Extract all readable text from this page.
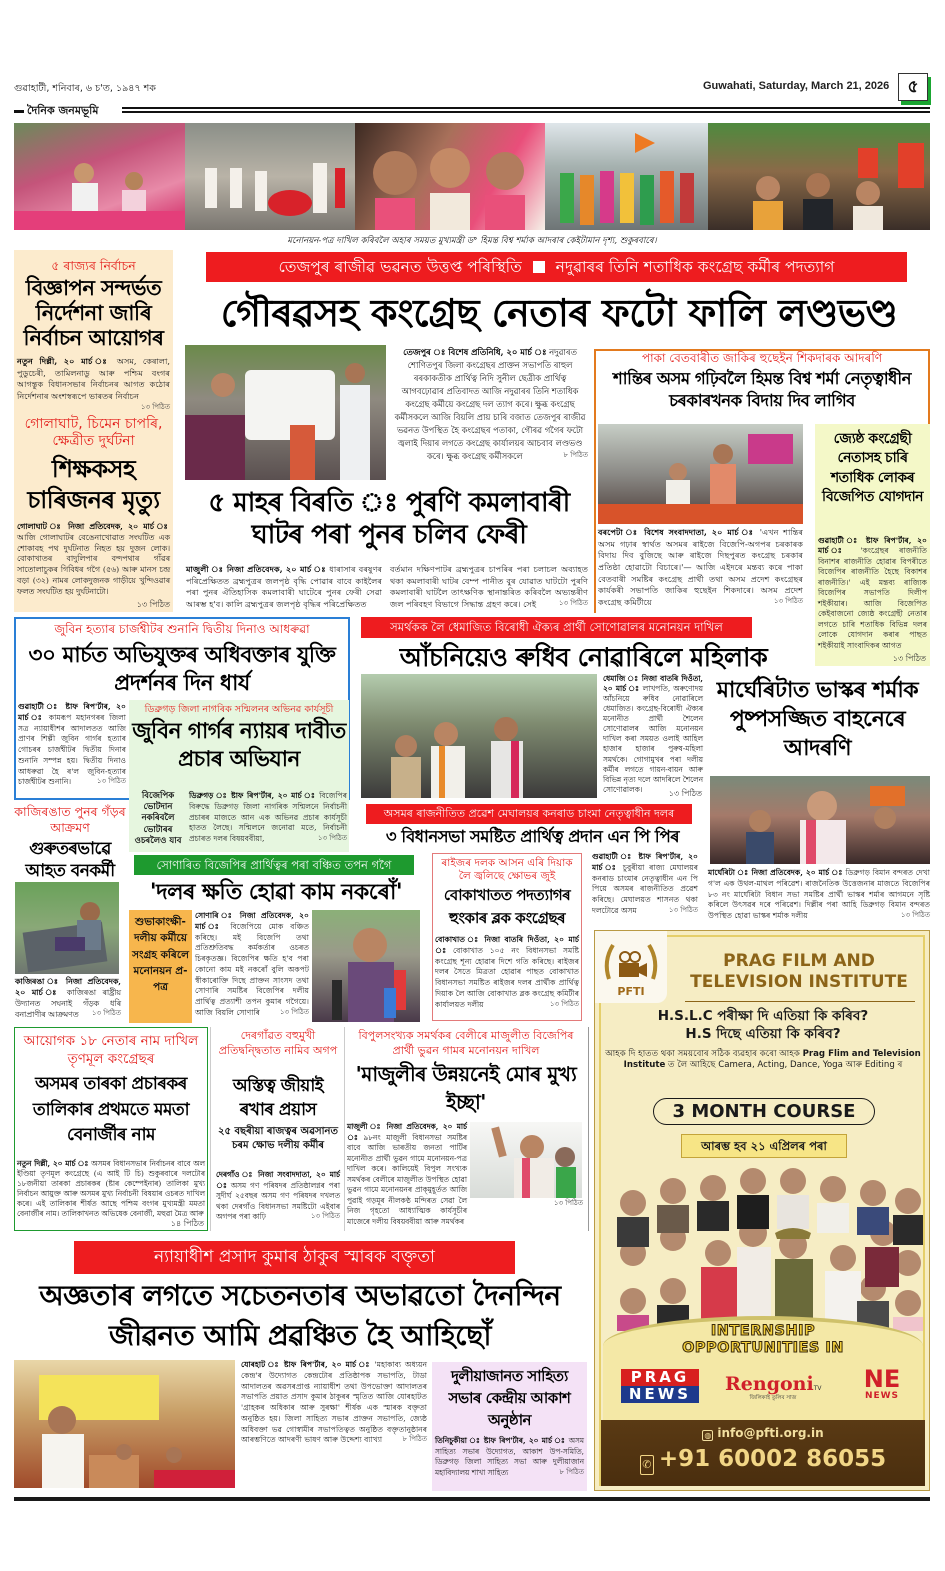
গুৱাহাটী, শনিবাৰ, ৬ চ'ত, ১৯৪৭ শক	Guwahati, Saturday, March 21, 2026	৫
দৈনিক জনমভূমি
মনোনয়ন-পত্ৰ দাখিল কৰিবলৈ অহাৰ সময়ত মুখ্যমন্ত্ৰী ড° হিমন্ত বিশ্ব শৰ্মাক আদৰাৰ কেইটামান দৃশ্য, শুকুৰবাৰে।
৫ ৰাজ্যৰ নিৰ্বাচন
বিজ্ঞাপন সন্দৰ্ভত নিৰ্দেশনা জাৰি নিৰ্বাচন আয়োগৰ
নতুন দিল্লী, ২০ মাৰ্চ ঃ অসম, কেৰালা, পুডুচেৰী, তামিলনাডু আৰু পশ্চিম বংগৰ আগন্তুক বিধানসভাৰ নিৰ্বাচনৰ আগত কঠোৰ নিৰ্দেশনাৰ অংশস্বৰূপে ভাৰতৰ নিৰ্বাচন
১৩ পিঠিত
গোলাঘাট, চিমেন চাপৰি, ক্ষেত্ৰীত দুৰ্ঘটনা
শিক্ষকসহ চাৰিজনৰ মৃত্যু
গোলাঘাট ঃ নিজা প্ৰতিবেদক, ২০ মাৰ্চ ঃ আজি গোলাঘাটৰ বেঙেনাখোৱাত সংঘটিত এক শোকাবহ পথ দুৰ্ঘটনাত নিহত হয় দুজন লোক। বোকাখাতৰ বাদুলিপাৰ বন্দপথাৰ গাঁৱৰ সাতোলাচুকৰ গিবিধৰ গগৈ (৫৬) আৰু মানস চন্দ্ৰ বড়া (৩২) নামৰ লোকদুজনক গাড়ীয়ে খুন্দিওৱাৰ ফলত সংঘটিত হয় দুৰ্ঘটনাটো।
১৩ পিঠিত
তেজপুৰ ৰাজীৱ ভৱনত উত্তপ্ত পৰিস্থিতি নদুৱাৰৰ তিনি শতাধিক কংগ্ৰেছ কৰ্মীৰ পদত্যাগ
গৌৰৱসহ কংগ্ৰেছ নেতাৰ ফটো ফালি লণ্ডভণ্ড
তেজপুৰ ঃ বিশেষ প্ৰতিনিধি, ২০ মাৰ্চ ঃ নদুৱাৰত শোণিতপুৰ জিলা কংগ্ৰেছৰ প্ৰাক্তন সভাপতি ৰাহুল ৰৰকাকতীক প্ৰাৰ্থিত্ব নিদি সুনীল ছেত্ৰীক প্ৰাৰ্থিত্ব আগবঢ়োৱাৰ প্ৰতিবাদত আজি নদুৱাৰৰ তিনি শতাধিক কংগ্ৰেছ কৰ্মীয়ে কংগ্ৰেছ দল ত্যাগ কৰে। ক্ষুব্ধ কংগ্ৰেছ কৰ্মীসকলে আজি বিয়লি প্ৰায় চাৰি বজাত তেজপুৰ ৰাজীৱ ভৱনত উপস্থিত হৈ কংগ্ৰেছৰ পতাকা, গৌৰৱ গগৈৰ ফটো জ্বলাই দিয়াৰ লগতে কংগ্ৰেছ কাৰ্যালয়ৰ আচবাব লণ্ডভণ্ড কৰে। ক্ষুব্ধ কংগ্ৰেছ কৰ্মীসকলে	৮ পিঠিত
৫ মাহৰ বিৰতি ঃ পুৰণি কমলাবাৰী ঘাটৰ পৰা পুনৰ চলিব ফেৰী
মাজুলী ঃ নিজা প্ৰতিবেদক, ২০ মাৰ্চ ঃ ধাৰাসাৰ বৰষুণৰ পৰিপ্ৰেক্ষিতত ব্ৰহ্মপুত্ৰৰ জলপৃষ্ঠ বৃদ্ধি পোৱাৰ বাবে কাইলৈৰ পৰা পুনৰ ঐতিহাসিক কমলাবাৰী ঘাটেৰে পুনৰ ফেৰী সেৱা আৰম্ভ হ'ব। কালি ব্ৰহ্মপুত্ৰৰ জলপৃষ্ঠ বৃদ্ধিৰ পৰিপ্ৰেক্ষিতত
বৰ্তমান দক্ষিণপাটৰ ব্ৰহ্মপুত্ৰৰ চাপৰিৰ পৰা চলাচল অব্যাহত থকা কমলাবাৰী ঘাটৰ বেম্প পানীত বুৰ যোৱাত ঘাটটো পুৰণি কমলাবাৰী ঘাটলৈ তাৎক্ষণিক স্থানান্তৰিত কৰিবলৈ অভ্যন্তৰীণ জল পৰিবহণ বিভাগে সিদ্ধান্ত গ্ৰহণ কৰে। সেই	১৩ পিঠিত
পাকা বেতবাৰীত জাকিৰ হুছেইন শিকদাৰক আদৰণি
শান্তিৰ অসম গঢ়িবলৈ হিমন্ত বিশ্ব শৰ্মা নেতৃত্বাধীন চৰকাৰখনক বিদায় দিব লাগিব
বৰপেটা ঃ বিশেষ সংবাদদাতা, ২০ মাৰ্চ ঃ 'এখন শান্তিৰ অসম গঢ়াৰ স্বাৰ্থত অসমৰ ৰাইজে বিজেপি-অগপৰ চৰকাৰক বিদায় দিব বুজিছে আৰু ৰাইজে দিছপুৰত কংগ্ৰেছ চৰকাৰ প্ৰতিষ্ঠা হোৱাটো বিচাৰে।'— আজি এইদৰে মন্তব্য কৰে পাকা বেতবাৰী সমষ্টিৰ কংগ্ৰেছ প্ৰাৰ্থী তথা অসম প্ৰদেশ কংগ্ৰেছৰ কাৰ্যকৰী সভাপতি জাকিৰ হুছেইন শিকদাৰে। অসম প্ৰদেশ কংগ্ৰেছ কমিটীয়ে	১৩ পিঠিত
জ্যেষ্ঠ কংগ্ৰেছী নেতাসহ চাৰি শতাধিক লোকৰ বিজেপিত যোগদান
গুৱাহাটী ঃ ষ্টাফ ৰিপ'ৰ্টাৰ, ২০ মাৰ্চ ঃ 'কংগ্ৰেছৰ ৰাজনীতি বিনাশৰ ৰাজনীতি হোৱাৰ বিপৰীতে বিজেপিৰ ৰাজনীতি হৈছে বিকাশৰ ৰাজনীতি।' এই মন্তব্য ৰাজ্যিক বিজেপিৰ সভাপতি দিলীপ শইকীয়াৰ। আজি বিজেপিত কেইবাজনো জ্যেষ্ঠ কংগ্ৰেছী নেতাৰ লগতে চাৰি শতাধিক বিভিন্ন দলৰ লোকে যোগদান কৰাৰ পাছত শইকীয়াই সাংবাদিকৰ আগত
১৩ পিঠিত
জুবিন হত্যাৰ চাৰ্জশ্বীটৰ শুনানি দ্বিতীয় দিনাও আধৰুৱা
৩০ মাৰ্চত অভিযুক্তৰ অধিবক্তাৰ যুক্তি প্ৰদৰ্শনৰ দিন ধাৰ্য
গুৱাহাটী ঃ ষ্টাফ ৰিপ'ৰ্টাৰ, ২০ মাৰ্চ ঃ কামৰূপ মহানগৰৰ জিলা সত্ৰ ন্যায়াধীশৰ আদালতত আজি প্ৰাণৰ শিল্পী জুবিন গাৰ্গৰ হত্যাৰ গোচৰৰ চাৰ্জশ্বীটৰ দ্বিতীয় দিনাৰ শুনানি সম্পন্ন হয়। দ্বিতীয় দিনাও আধৰুৱা হৈ ৰ'ল জুবিন-হত্যাৰ চাৰ্জশ্বীটৰ শুনানি।	১৩ পিঠিত
ডিব্ৰুগড় জিলা নাগৰিক সন্মিলনৰ অভিনৱ কাৰ্যসূচী
জুবিন গাৰ্গৰ ন্যায়ৰ দাবীত প্ৰচাৰ অভিযান
বিজেপিক ভোটদান নকৰিবলৈ ভোটাৰৰ ওচৰলৈও যাব
ডিব্ৰুগড় ঃ ষ্টাফ ৰিপ'ৰ্টাৰ, ২০ মাৰ্চ ঃ বিজেপিৰ বিৰুদ্ধে ডিব্ৰুগড় জিলা নাগৰিক সন্মিলনে নিৰ্বাচনী প্ৰচাৰৰ মাজতে আন এক অভিনৱ প্ৰচাৰ কাৰ্যসূচী হাতত লৈছে। সন্মিলনে জনোৱা মতে, নিৰ্বাচনী প্ৰচাৰত দলৰ বিষয়ববীয়া,	১৩ পিঠিত
কাজিৰঙাত পুনৰ গঁড়ৰ আক্ৰমণ
গুৰুতৰভাৱে আহত বনকৰ্মী
কাজিৰঙা ঃ নিজা প্ৰতিবেদক, ২০ মাৰ্চ ঃ কাজিৰঙা ৰাষ্ট্ৰীয় উদ্যানত সঘনাই গঁড়ক ধৰি বনাপ্ৰাণীৰ আক্ৰমণত ১৩ পিঠিত
সমৰ্থকক লৈ ধেমাজিত বিৰোধী ঐক্যৰ প্ৰাৰ্থী সোণোৱালৰ মনোনয়ন দাখিল
আঁচনিয়েও ৰুধিব নোৱাৰিলে মহিলাক
ধেমাজি ঃ নিজা বাতৰি দিওঁতা, ২০ মাৰ্চ ঃ লাখপতি, অৰুণোদয় আঁচনিয়ে ৰুধিব নোৱাৰিলে ধেমাজিত। কংগ্ৰেছ-বিৰোধী ঐক্যৰ মনোনীত প্ৰাৰ্থী শৈলেন সোণোৱালৰ আজি মনোনয়ন দাখিল কৰা সময়ত ওলাই আহিল হাজাৰ হাজাৰ পুৰুষ-মহিলা সমৰ্থকে। গোগামুখৰ পৰা দলীয় কৰ্মীৰ লগতে গায়ন-বায়ন আৰু বিভিন্ন নৃত্য দলে আদৰিলে শৈলেন সোণোৱালক।	১৩ পিঠিত
অসমৰ ৰাজনীতিত প্ৰৱেশ মেঘালয়ৰ কনৰাড চাংমা নেতৃত্বাধীন দলৰ
৩ বিধানসভা সমষ্টিত প্ৰাৰ্থিত্ব প্ৰদান এন পি পিৰ
গুৱাহাটী ঃ ষ্টাফ ৰিপ'ৰ্টাৰ, ২০ মাৰ্চ ঃ চুবুৰীয়া ৰাজ্য মেঘালয়ৰ কনৰাড চাংমাৰ নেতৃত্বাধীন এন পি পিয়ে অসমৰ ৰাজনীতিত প্ৰৱেশ কৰিছে। মেঘালয়ত শাসনত থকা দলটোৱে অসম	১৩ পিঠিত
মাৰ্ঘেৰিটাত ভাস্কৰ শৰ্মাক পুষ্পসজ্জিত বাহনেৰে আদৰণি
মাৰ্ঘেৰিটা ঃ নিজা প্ৰতিবেদক, ২০ মাৰ্চ ঃ ডিব্ৰুগড় বিমান বন্দৰত দেখা গ'ল এক উথল-মাথল পৰিৱেশ। ৰাজনৈতিক উত্তেজনাৰ মাজতে বিজেপিৰ ৮৩ নং মাৰ্ঘেৰিটা বিধান সভা সমষ্টিৰ প্ৰাৰ্থী ভাস্কৰ শৰ্মাৰ আগমনে সৃষ্টি কৰিলে উৎসৱৰ দৰে পৰিৱেশ। দিল্লীৰ পৰা আহি ডিব্ৰুগড় বিমান বন্দৰত উপস্থিত হোৱা ভাস্কৰ শৰ্মাক দলীয়	১৩ পিঠিত
সোণাৰিত বিজেপিৰ প্ৰাৰ্থিত্বৰ পৰা বঞ্চিত তপন গগৈ
'দলৰ ক্ষতি হোৱা কাম নকৰোঁ'
শুভাকাংক্ষী-দলীয় কৰ্মীয়ে সংগ্ৰহ কৰিলে মনোনয়ন প্ৰ-পত্ৰ
সোণাৰি ঃ নিজা প্ৰতিবেদক, ২০ মাৰ্চ ঃ বিজেপিয়ে মোক বঞ্চিত কৰিছে। মই বিজেপি তথা প্ৰতিশ্ৰুতিবদ্ধ কৰ্মকৰ্তাৰ ওচৰত চিৰকৃতজ্ঞ। বিজেপিৰ ক্ষতি হ'ব পৰা কোনো কাম মই নকৰোঁ বুলি অকপট স্বীকাৰোক্তি দিছে প্ৰাক্তন সাংসদ তথা সোণাৰি সমষ্টিৰ বিজেপিৰ দলীয় প্ৰাৰ্থিত্ব প্ৰত্যাশী তপন কুমাৰ গগৈয়ে। আজি বিয়লি সোণাৰি	১৩ পিঠিত
ৰাইজৰ দলক আসন এৰি দিয়াক লৈ জ্বলিছে ক্ষোভৰ জুই
বোকাখাতত পদত্যাগৰ হুংকাৰ ব্লক কংগ্ৰেছৰ
বোকাখাত ঃ নিজা বাতৰি দিওঁতা, ২০ মাৰ্চ ঃ বোকাখাত ১০৫ নং বিধানসভা সমষ্টি কংগ্ৰেছ শূন্য হোৱাৰ দিশে গতি কৰিছে। ৰাইজৰ দলৰ সৈতে মিত্ৰতা হোৱাৰ পাছত বোকাখাত বিধানসভা সমষ্টিত ৰাইজৰ দলৰ প্ৰাৰ্থীক প্ৰাৰ্থিত্ব দিয়াক লৈ আজি বোকাখাত ব্লক কংগ্ৰেছ কমিটীৰ কাৰ্যালয়ত দলীয়	১৩ পিঠিত
আয়োগক ১৮ নেতাৰ নাম দাখিল তৃণমূল কংগ্ৰেছৰ
অসমৰ তাৰকা প্ৰচাৰকৰ তালিকাৰ প্ৰথমতে মমতা বেনাৰ্জীৰ নাম
নতুন দিল্লী, ২০ মাৰ্চ ঃ অসমৰ বিধানসভাৰ নিৰ্বাচনৰ বাবে অল ইণ্ডিয়া তৃণমূল কংগ্ৰেছে (এ আই টি চি) শুকুৰবাৰে দলটোৰ ১৮জনীয়া তাৰকা প্ৰচাৰকৰ (ষ্টাৰ কেম্পেইনাৰ) তালিকা মুখ্য নিৰ্বাচন আয়ুক্ত আৰু অসমৰ মুখ্য নিৰ্বাচনী বিষয়াৰ ওচৰত দাখিল কৰে। এই তালিকাৰ শীৰ্ষত আছে পশ্চিম বংগৰ মুখ্যমন্ত্ৰী মমতা বেনাৰ্জীৰ নাম। তালিকাখনত অভিষেক বেনাৰ্জী, মহুৱা মৈত্ৰ আৰু
১৪ পিঠিত
দেৰগাঁৱত বহুমুখী প্ৰতিদ্বন্দ্বিতাত নামিব অগপ
অস্তিত্ব জীয়াই ৰখাৰ প্ৰয়াস
২৫ বছৰীয়া ৰাজত্বৰ অৱসানত চৰম ক্ষোভ দলীয় কৰ্মীৰ
দেৰগাঁও ঃ নিজা সংবাদদাতা, ২০ মাৰ্চ ঃ অসম গণ পৰিষদৰ প্ৰতিষ্ঠালগ্নৰ পৰা সুদীৰ্ঘ ২৫বছৰ অসম গণ পৰিষদৰ দখলত থকা দেৰগাঁও বিধানসভা সমষ্টিটো এইবাৰ অগপৰ পৰা কাঢ়ি	১৩ পিঠিত
বিপুলসংখ্যক সমৰ্থকৰ বেলীৰে মাজুলীত বিজেপিৰ প্ৰাৰ্থী ভুৱন গামৰ মনোনয়ন দাখিল
'মাজুলীৰ উন্নয়নেই মোৰ মুখ্য ইচ্ছা'
মাজুলী ঃ নিজা প্ৰতিবেদক, ২০ মাৰ্চ ঃ ৯৮নং মাজুলী বিধানসভা সমষ্টিৰ বাবে আজি ভাৰতীয় জনতা পাৰ্টিৰ মনোনীত প্ৰাৰ্থী ভুৱন গামে মনোনয়ন-পত্ৰ দাখিল কৰে। কালিয়েই বিপুল সংখ্যক সমৰ্থকৰ বেলীৰে মাজুলীত উপস্থিত হোৱা ভুৱন গামে মনোনয়নৰ প্ৰাক্‌মুহূৰ্তত আজি পুৱাই গড়মূৰ নীলকণ্ঠ মন্দিৰত সেৱা লৈ নিজ গৃহতো আধ্যাত্মিক কাৰ্যসূচীৰ মাজেৰে দলীয় বিষয়ববীয়া আৰু সমৰ্থকৰ
১৩ পিঠিত
ন্যায়াধীশ প্ৰসাদ কুমাৰ ঠাকুৰ স্মাৰক বক্তৃতা
অজ্ঞতাৰ লগতে সচেতনতাৰ অভাৱতো দৈনন্দিন জীৱনত আমি প্ৰৱঞ্চিত হৈ আহিছোঁ
যোৰহাট ঃ ষ্টাফ ৰিপ'ৰ্টাৰ, ২০ মাৰ্চ ঃ 'মহাকাব্য অধ্যয়ন কেন্দ্ৰ'ৰ উদ্যোগত কেন্দ্ৰটোৰ প্ৰতিষ্ঠাপক সভাপতি, টাডা আদালতৰ অৱসৰপ্ৰাপ্ত ন্যায়াধীশ তথা উপভোক্তা আদালতৰ সভাপতি প্ৰয়াত প্ৰসাদ কুমাৰ ঠাকুৰৰ স্মৃতিত আজি যোৰহাটত 'গ্ৰাহকৰ অধিকাৰ আৰু সুৰক্ষা' শীৰ্ষক এক স্মাৰক বক্তৃতা অনুষ্ঠিত হয়। জিলা সাহিত্য সভাৰ প্ৰাক্তন সভাপতি, জ্যেষ্ঠ অধিবক্তা ভৱ গোস্বামীৰ সভাপতিত্বত অনুষ্ঠিত বক্তৃতানুষ্ঠানৰ আৰম্ভণিতে আদৰণী ভাষণ আৰু উদ্দেশ্য ব্যাখ্যা	৮ পিঠিত
দুলীয়াজানত সাহিত্য সভাৰ কেন্দ্ৰীয় আকাশ অনুষ্ঠান
তিনিচুকীয়া ঃ ষ্টাফ ৰিপ'ৰ্টাৰ, ২০ মাৰ্চ ঃ অসম সাহিত্য সভাৰ উদ্যোগত, আকাশ উপ-সমিতি, ডিব্ৰুগড় জিলা সাহিত্য সভা আৰু দুলীয়াজান মহাবিদ্যালয় শাখা সাহিত্য	৮ পিঠিত
PFTI
PRAG FILM AND
TELEVISION INSTITUTE
H.S.L.C পৰীক্ষা দি এতিয়া কি কৰিব?
H.S দিছে এতিয়া কি কৰিব?
আহক দি হাতত থকা সময়বোৰ সঠিক ব্যৱহাৰ কৰো আহক Prag Flim and Television Institute ত লৈ আহিছে Camera, Acting, Dance, Yoga আৰু Editing ৰ
3 MONTH COURSE
আৰম্ভ হব ২১ এপ্ৰিলৰ পৰা
INTERNSHIP
OPPORTUNITIES IN
PRAG
NEWS	RengoniTV
জিলিকাই তুলিব সাজ
NE
NEWS
◍ info@pfti.org.in
✆ +91 60002 86055
